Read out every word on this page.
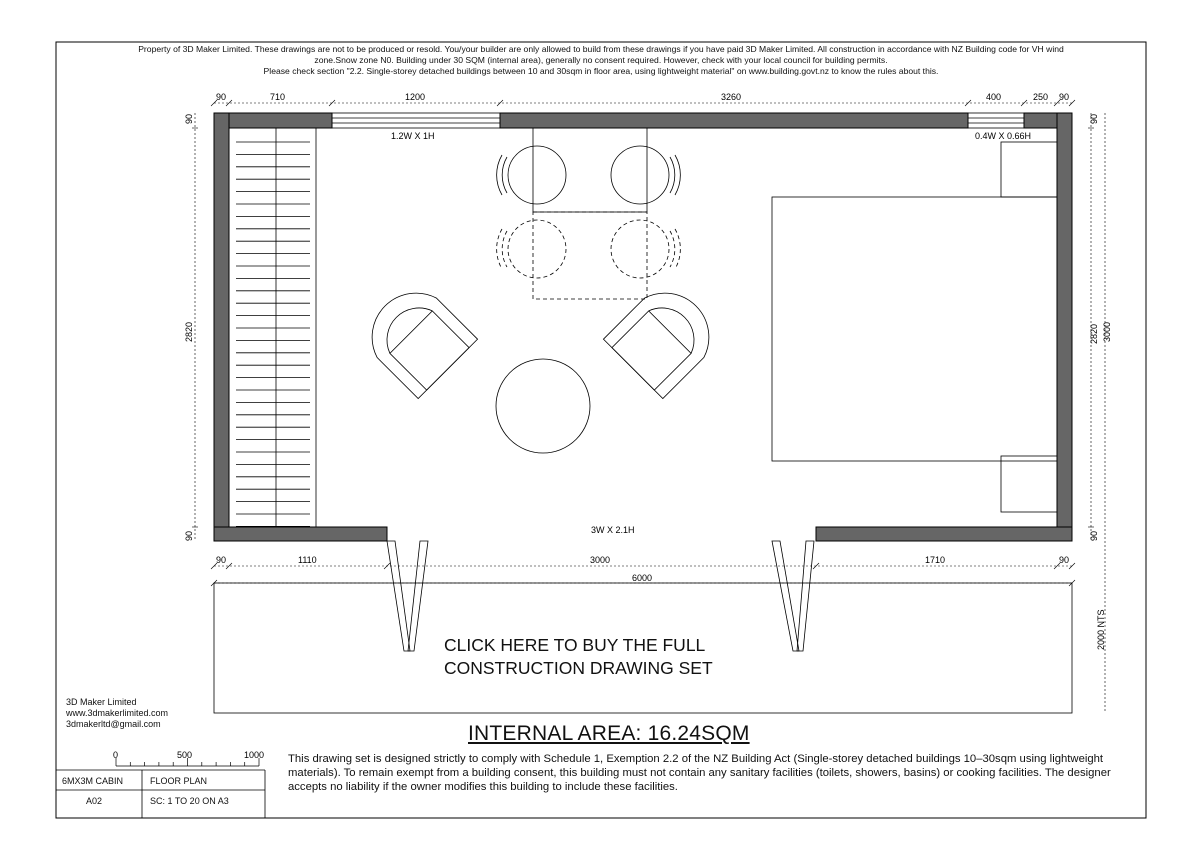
Property of 3D Maker Limited. These drawings are not to be produced or resold. You/your builder are only allowed to build from these drawings if you have paid 3D Maker Limited. All construction in accordance with NZ Building code for VH wind
zone.Snow zone N0. Building under 30 SQM (internal area), generally no consent required. However, check with your local council for building permits.
Please check section "2.2. Single-storey detached buildings between 10 and 30sqm in floor area, using lightweight material" on www.building.govt.nz to know the rules about this.
1.2W X 1H	0.4W X 0.66H
3W X 2.1H
90	710	1200	3260	400	250 90
90
2820
90
90
2820
90
3000
2000 NTS
90	1110	3000	1710	90
6000
0	500	1000
3D Maker Limited
www.3dmakerlimited.com
3dmakerltd@gmail.com
CLICK HERE TO BUY THE FULL
CONSTRUCTION DRAWING SET
INTERNAL AREA: 16.24SQM
This drawing set is designed strictly to comply with Schedule 1, Exemption 2.2 of the NZ Building Act (Single-storey detached buildings 10–30sqm using lightweight materials). To remain exempt from a building consent, this building must not contain any sanitary facilities (toilets, showers, basins) or cooking facilities. The designer accepts no liability if the owner modifies this building to include these facilities.
6MX3M CABIN	FLOOR PLAN
A02	SC: 1 TO 20 ON A3
